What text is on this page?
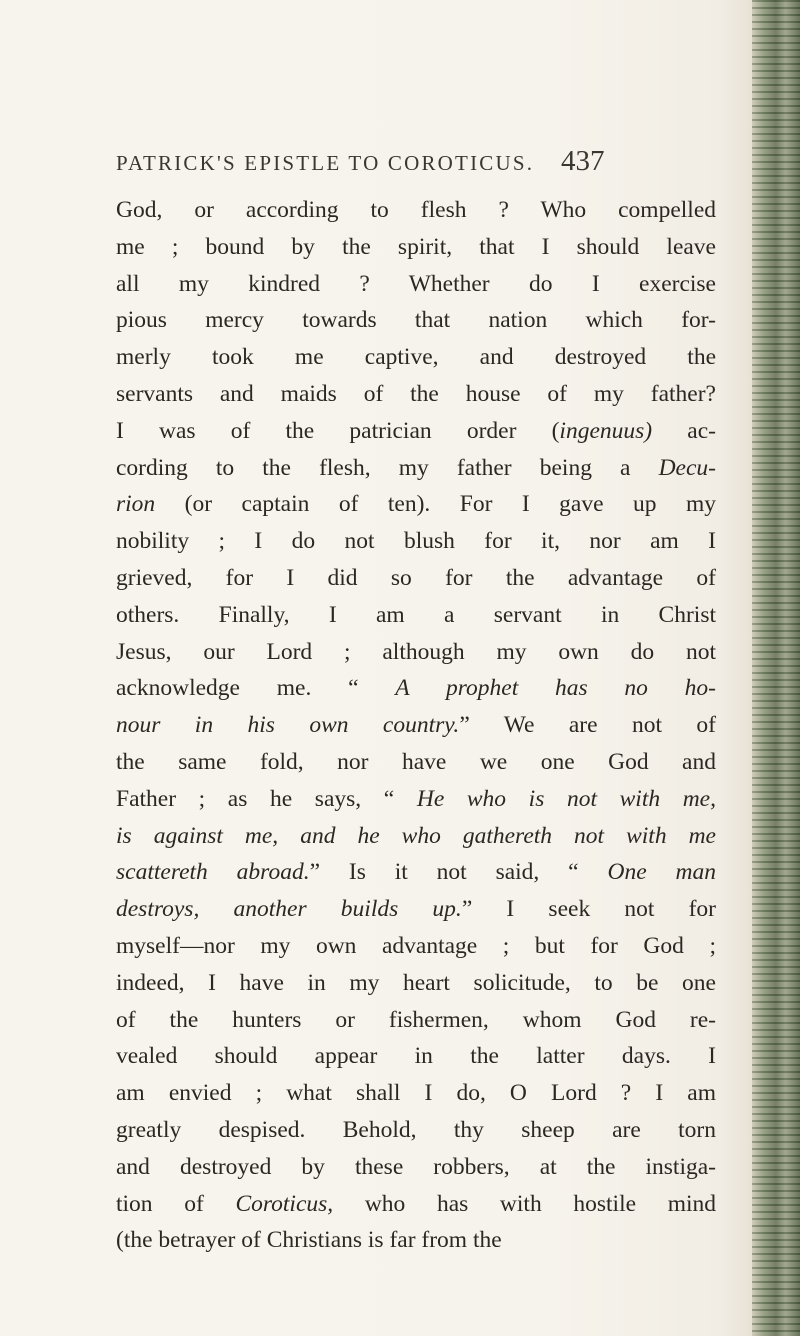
PATRICK'S EPISTLE TO COROTICUS. 437
God, or according to flesh ? Who compelled
me ; bound by the spirit, that I should leave
all my kindred ? Whether do I exercise
pious mercy towards that nation which for-
merly took me captive, and destroyed the
servants and maids of the house of my father?
I was of the patrician order (ingenuus) ac-
cording to the flesh, my father being a Decu-
rion (or captain of ten). For I gave up my
nobility ; I do not blush for it, nor am I
grieved, for I did so for the advantage of
others. Finally, I am a servant in Christ
Jesus, our Lord ; although my own do not
acknowledge me. “ A prophet has no ho-
nour in his own country.” We are not of
the same fold, nor have we one God and
Father ; as he says, “ He who is not with me,
is against me, and he who gathereth not with me
scattereth abroad.” Is it not said, “ One man
destroys, another builds up.” I seek not for
myself—nor my own advantage ; but for God ;
indeed, I have in my heart solicitude, to be one
of the hunters or fishermen, whom God re-
vealed should appear in the latter days. I
am envied ; what shall I do, O Lord ? I am
greatly despised. Behold, thy sheep are torn
and destroyed by these robbers, at the instiga-
tion of Coroticus, who has with hostile mind
(the betrayer of Christians is far from the
